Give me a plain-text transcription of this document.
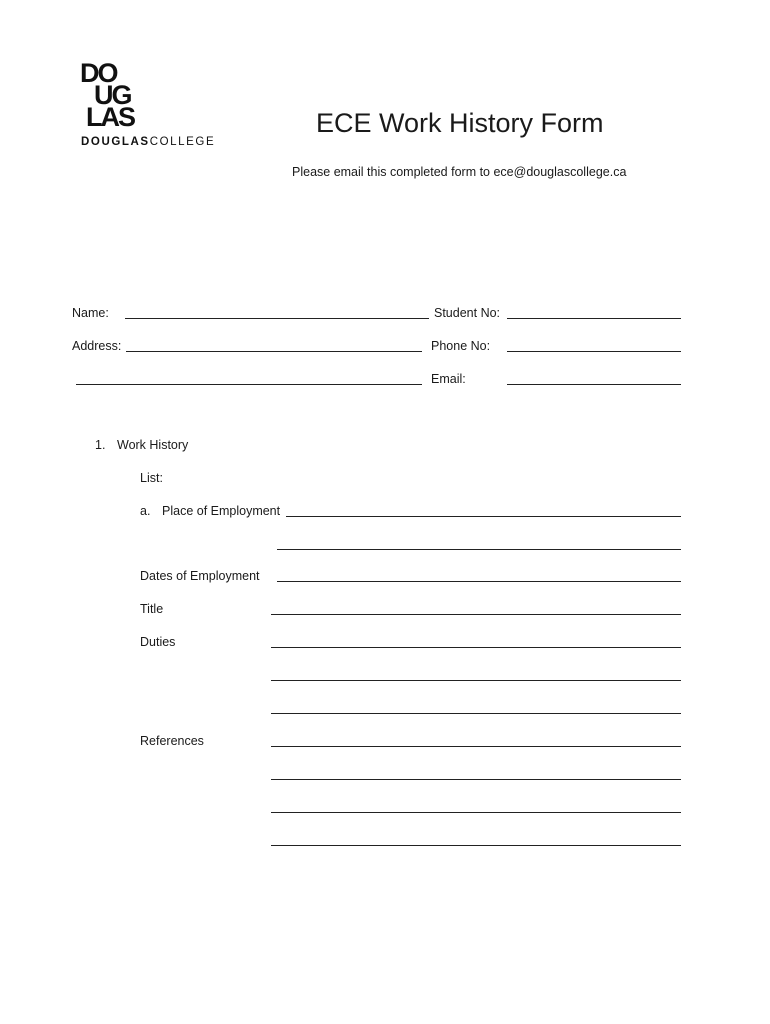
DO
UG
LAS
DOUGLASCOLLEGE
ECE Work History Form
Please email this completed form to ece@douglascollege.ca
Name:	Student No:
Address:	Phone No:
Email:
1. Work History
List:
a. Place of Employment
Dates of Employment
Title
Duties
References
